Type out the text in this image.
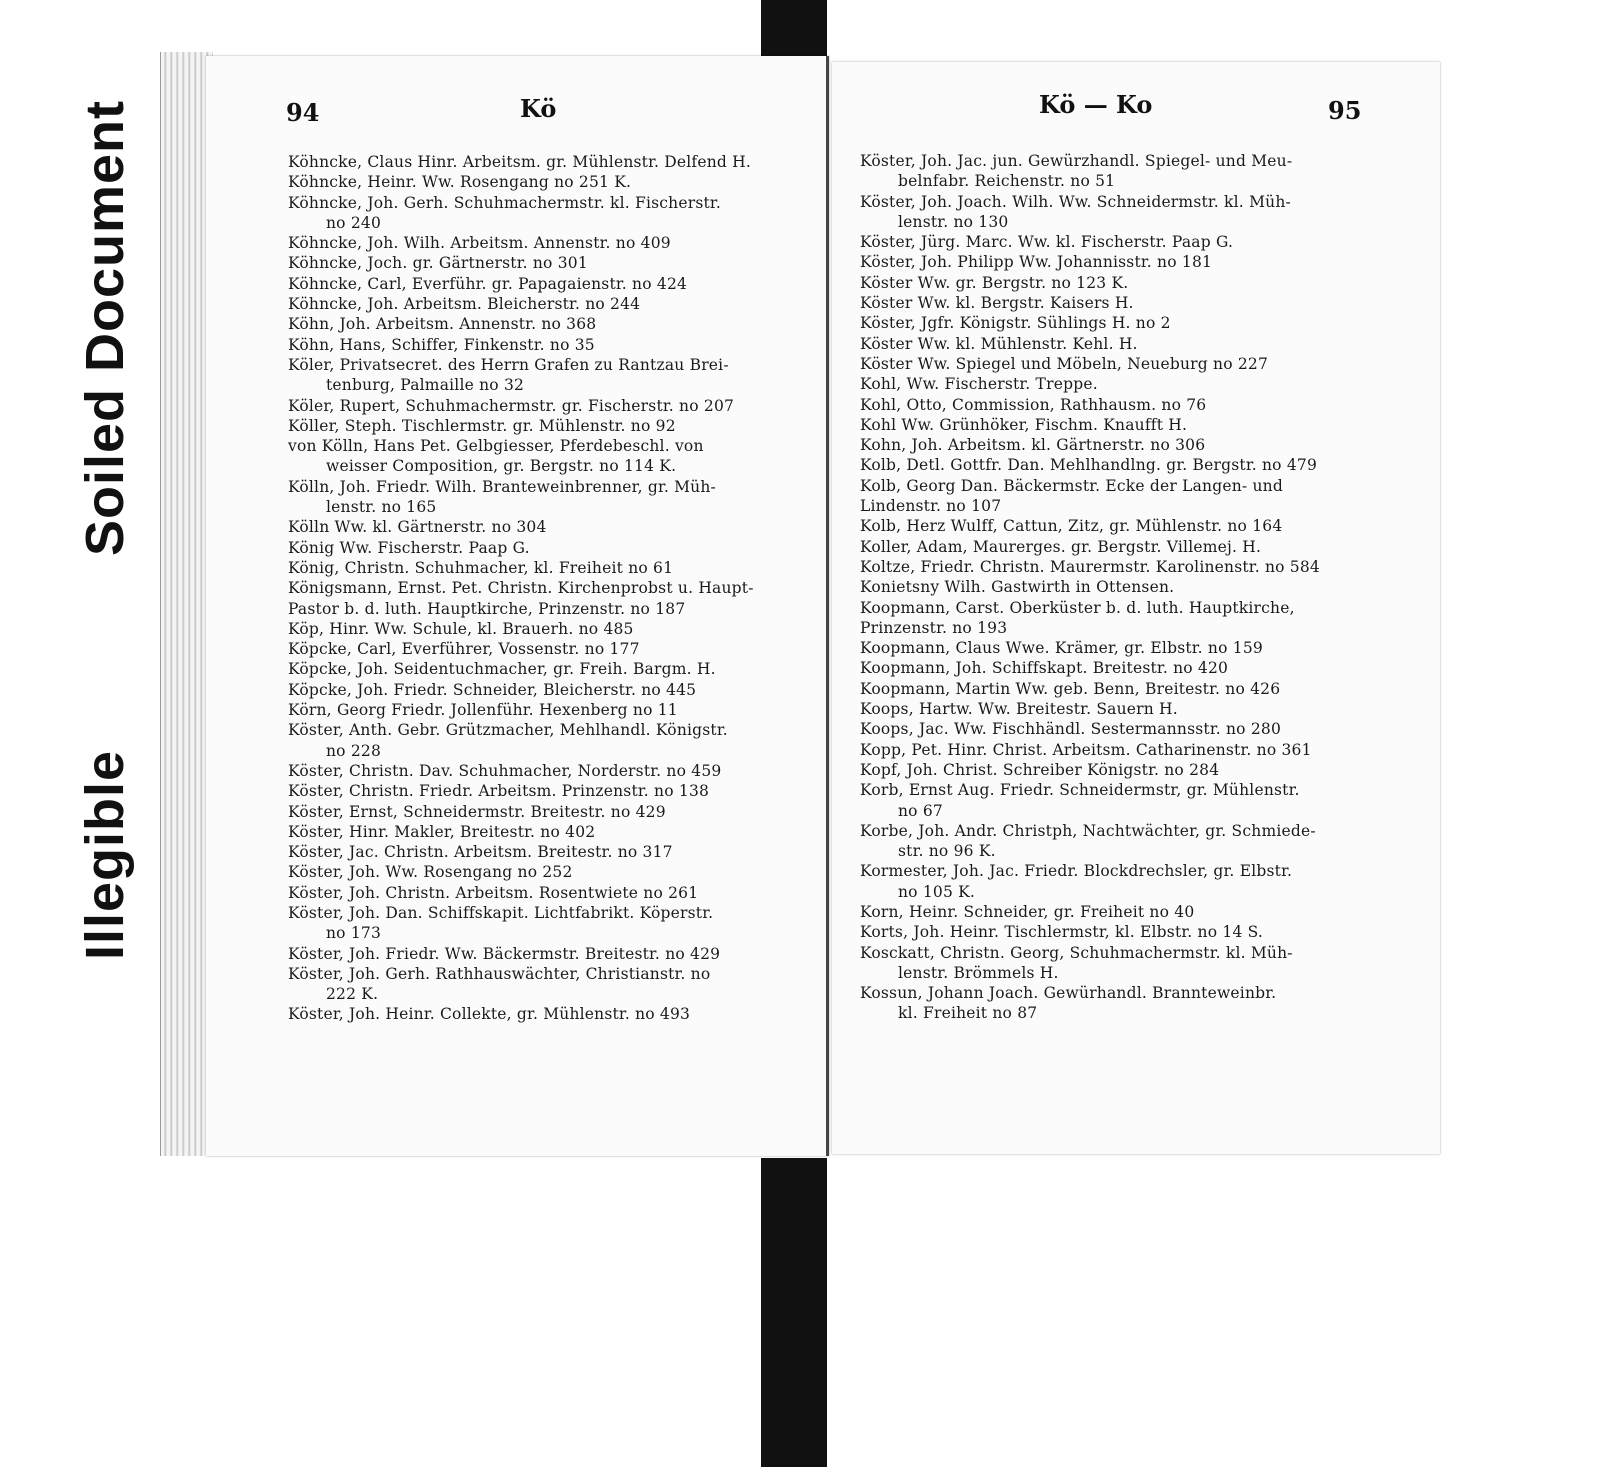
Soiled Document
Illegible
94	Kö
Köhncke, Claus Hinr. Arbeitsm. gr. Mühlenstr. Delfend H.
Köhncke, Heinr. Ww. Rosengang no 251 K.
Köhncke, Joh. Gerh. Schuhmachermstr. kl. Fischerstr.
no 240
Köhncke, Joh. Wilh. Arbeitsm. Annenstr. no 409
Köhncke, Joch. gr. Gärtnerstr. no 301
Köhncke, Carl, Everführ. gr. Papagaienstr. no 424
Köhncke, Joh. Arbeitsm. Bleicherstr. no 244
Köhn, Joh. Arbeitsm. Annenstr. no 368
Köhn, Hans, Schiffer, Finkenstr. no 35
Köler, Privatsecret. des Herrn Grafen zu Rantzau Brei-
tenburg, Palmaille no 32
Köler, Rupert, Schuhmachermstr. gr. Fischerstr. no 207
Köller, Steph. Tischlermstr. gr. Mühlenstr. no 92
von Kölln, Hans Pet. Gelbgiesser, Pferdebeschl. von
weisser Composition, gr. Bergstr. no 114 K.
Kölln, Joh. Friedr. Wilh. Branteweinbrenner, gr. Müh-
lenstr. no 165
Kölln Ww. kl. Gärtnerstr. no 304
König Ww. Fischerstr. Paap G.
König, Christn. Schuhmacher, kl. Freiheit no 61
Königsmann, Ernst. Pet. Christn. Kirchenprobst u. Haupt-
Pastor b. d. luth. Hauptkirche, Prinzenstr. no 187
Köp, Hinr. Ww. Schule, kl. Brauerh. no 485
Köpcke, Carl, Everführer, Vossenstr. no 177
Köpcke, Joh. Seidentuchmacher, gr. Freih. Bargm. H.
Köpcke, Joh. Friedr. Schneider, Bleicherstr. no 445
Körn, Georg Friedr. Jollenführ. Hexenberg no 11
Köster, Anth. Gebr. Grützmacher, Mehlhandl. Königstr.
no 228
Köster, Christn. Dav. Schuhmacher, Norderstr. no 459
Köster, Christn. Friedr. Arbeitsm. Prinzenstr. no 138
Köster, Ernst, Schneidermstr. Breitestr. no 429
Köster, Hinr. Makler, Breitestr. no 402
Köster, Jac. Christn. Arbeitsm. Breitestr. no 317
Köster, Joh. Ww. Rosengang no 252
Köster, Joh. Christn. Arbeitsm. Rosentwiete no 261
Köster, Joh. Dan. Schiffskapit. Lichtfabrikt. Köperstr.
no 173
Köster, Joh. Friedr. Ww. Bäckermstr. Breitestr. no 429
Köster, Joh. Gerh. Rathhauswächter, Christianstr. no
222 K.
Köster, Joh. Heinr. Collekte, gr. Mühlenstr. no 493
Kö — Ko	95
Köster, Joh. Jac. jun. Gewürzhandl. Spiegel- und Meu-
belnfabr. Reichenstr. no 51
Köster, Joh. Joach. Wilh. Ww. Schneidermstr. kl. Müh-
lenstr. no 130
Köster, Jürg. Marc. Ww. kl. Fischerstr. Paap G.
Köster, Joh. Philipp Ww. Johannisstr. no 181
Köster Ww. gr. Bergstr. no 123 K.
Köster Ww. kl. Bergstr. Kaisers H.
Köster, Jgfr. Königstr. Sühlings H. no 2
Köster Ww. kl. Mühlenstr. Kehl. H.
Köster Ww. Spiegel und Möbeln, Neueburg no 227
Kohl, Ww. Fischerstr. Treppe.
Kohl, Otto, Commission, Rathhausm. no 76
Kohl Ww. Grünhöker, Fischm. Knaufft H.
Kohn, Joh. Arbeitsm. kl. Gärtnerstr. no 306
Kolb, Detl. Gottfr. Dan. Mehlhandlng. gr. Bergstr. no 479
Kolb, Georg Dan. Bäckermstr. Ecke der Langen- und
Lindenstr. no 107
Kolb, Herz Wulff, Cattun, Zitz, gr. Mühlenstr. no 164
Koller, Adam, Maurerges. gr. Bergstr. Villemej. H.
Koltze, Friedr. Christn. Maurermstr. Karolinenstr. no 584
Konietsny Wilh. Gastwirth in Ottensen.
Koopmann, Carst. Oberküster b. d. luth. Hauptkirche,
Prinzenstr. no 193
Koopmann, Claus Wwe. Krämer, gr. Elbstr. no 159
Koopmann, Joh. Schiffskapt. Breitestr. no 420
Koopmann, Martin Ww. geb. Benn, Breitestr. no 426
Koops, Hartw. Ww. Breitestr. Sauern H.
Koops, Jac. Ww. Fischhändl. Sestermannsstr. no 280
Kopp, Pet. Hinr. Christ. Arbeitsm. Catharinenstr. no 361
Kopf, Joh. Christ. Schreiber Königstr. no 284
Korb, Ernst Aug. Friedr. Schneidermstr, gr. Mühlenstr.
no 67
Korbe, Joh. Andr. Christph, Nachtwächter, gr. Schmiede-
str. no 96 K.
Kormester, Joh. Jac. Friedr. Blockdrechsler, gr. Elbstr.
no 105 K.
Korn, Heinr. Schneider, gr. Freiheit no 40
Korts, Joh. Heinr. Tischlermstr, kl. Elbstr. no 14 S.
Kosckatt, Christn. Georg, Schuhmachermstr. kl. Müh-
lenstr. Brömmels H.
Kossun, Johann Joach. Gewürhandl. Brannteweinbr.
kl. Freiheit no 87
